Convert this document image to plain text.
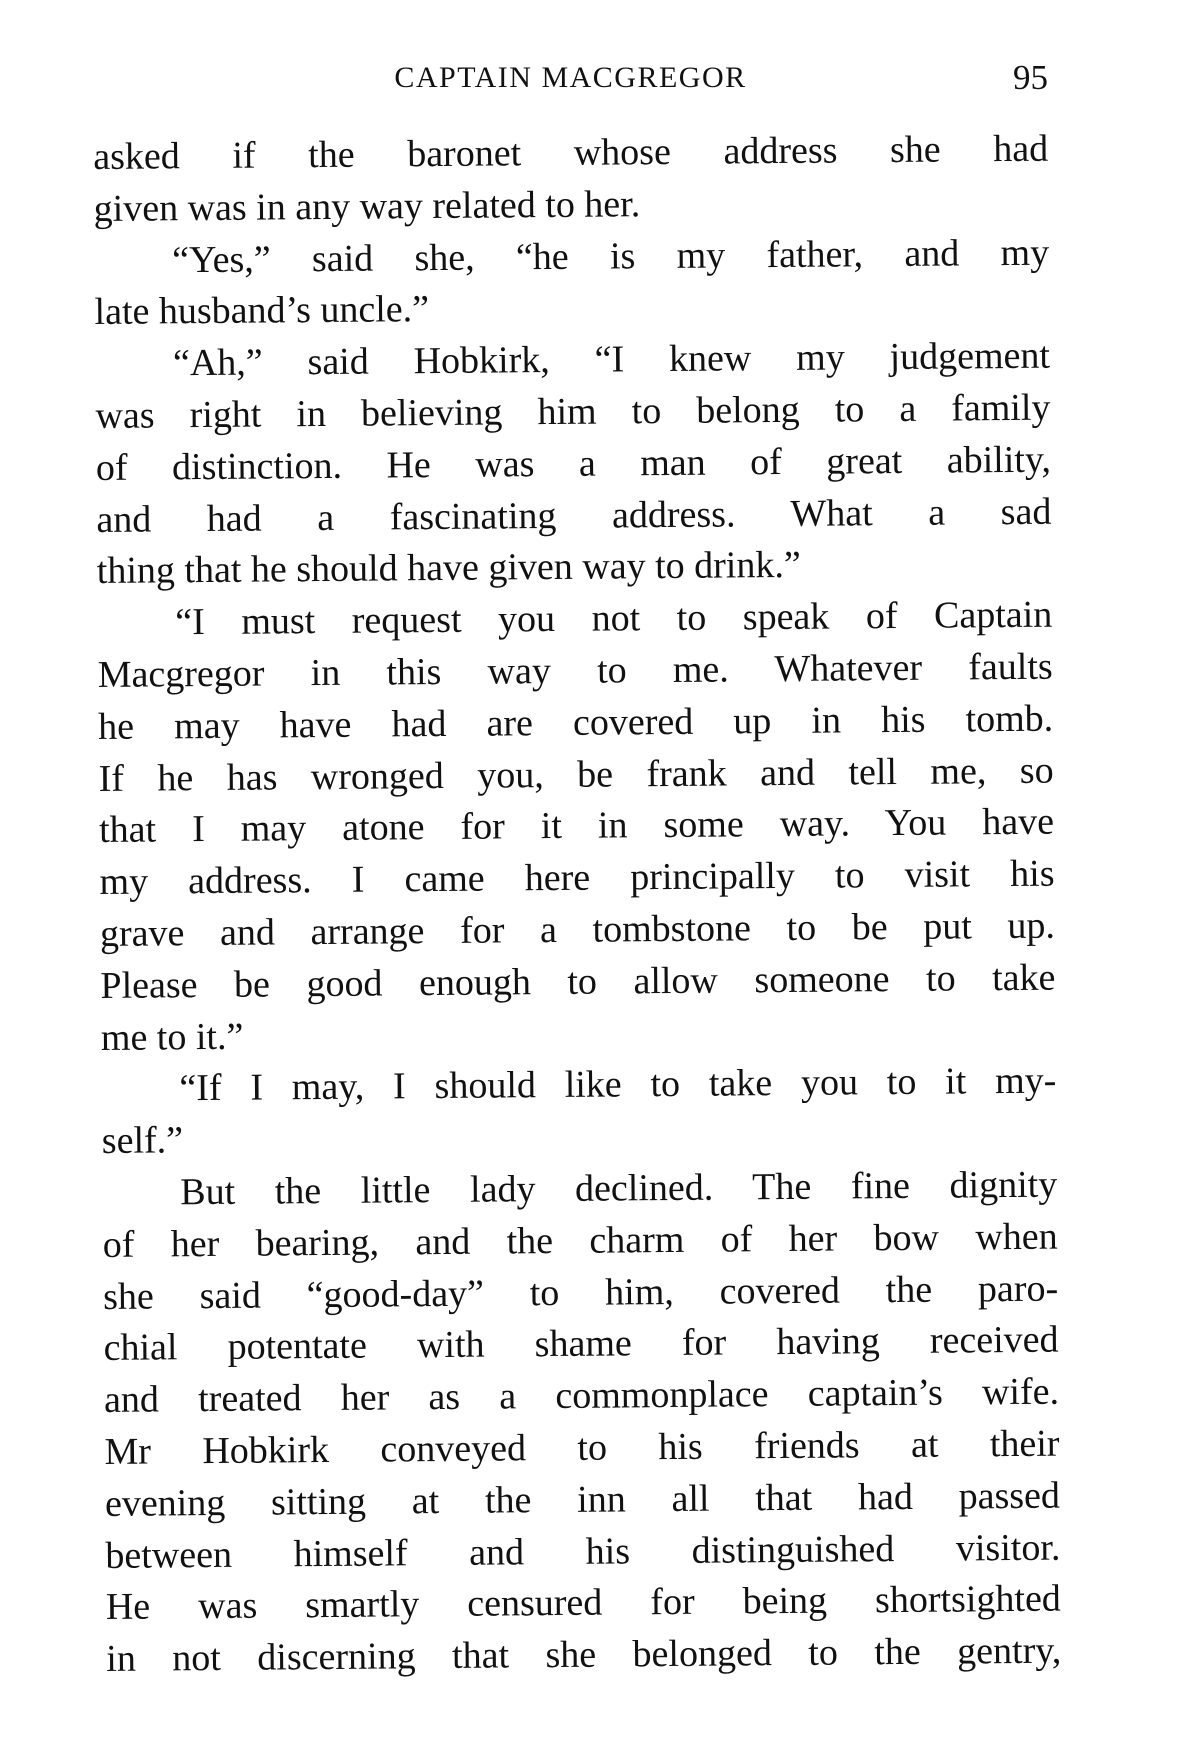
CAPTAIN MACGREGOR	95
asked if the baronet whose address she had
given was in any way related to her.
“Yes,” said she, “he is my father, and my
late husband’s uncle.”
“Ah,” said Hobkirk, “I knew my judgement
was right in believing him to belong to a family
of distinction. He was a man of great ability,
and had a fascinating address. What a sad
thing that he should have given way to drink.”
“I must request you not to speak of Captain
Macgregor in this way to me. Whatever faults
he may have had are covered up in his tomb.
If he has wronged you, be frank and tell me, so
that I may atone for it in some way. You have
my address. I came here principally to visit his
grave and arrange for a tombstone to be put up.
Please be good enough to allow someone to take
me to it.”
“If I may, I should like to take you to it my-
self.”
But the little lady declined. The fine dignity
of her bearing, and the charm of her bow when
she said “good-day” to him, covered the paro-
chial potentate with shame for having received
and treated her as a commonplace captain’s wife.
Mr Hobkirk conveyed to his friends at their
evening sitting at the inn all that had passed
between himself and his distinguished visitor.
He was smartly censured for being shortsighted
in not discerning that she belonged to the gentry,
